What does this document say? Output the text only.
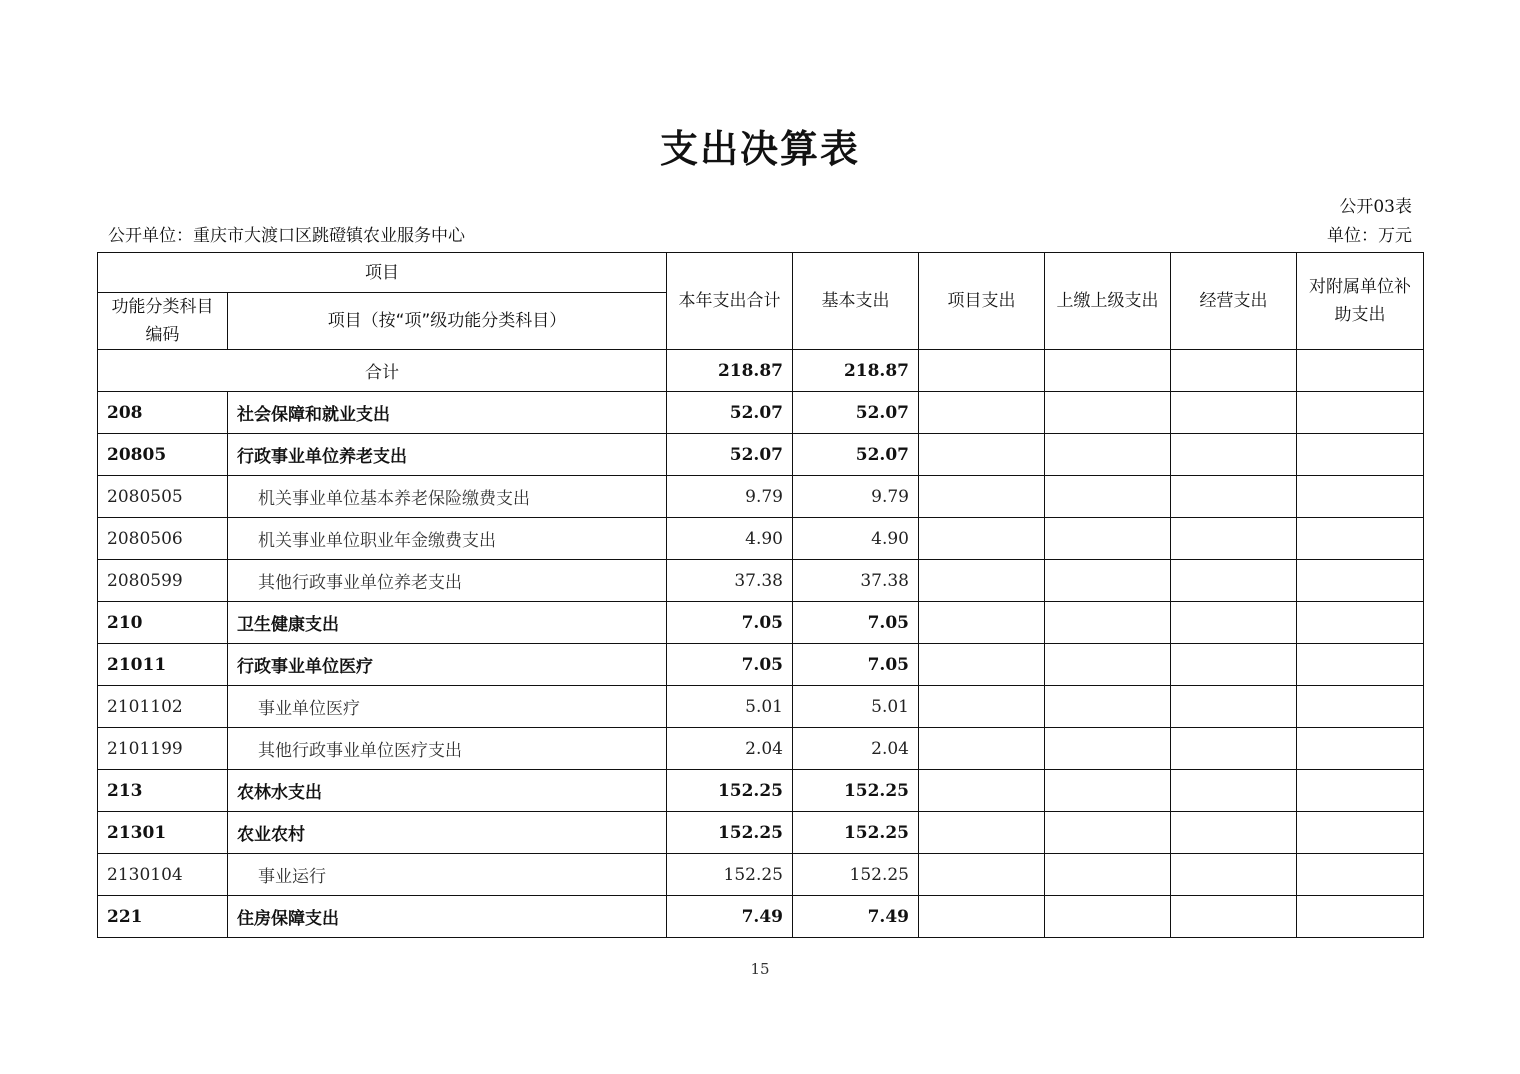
支出决算表
公开03表
公开单位：重庆市大渡口区跳磴镇农业服务中心	单位：万元
项目		本年支出合计	基本支出	项目支出	上缴上级支出	经营支出	对附属单位补助支出
功能分类科目编码	项目（按“项”级功能分类科目）						
合计		218.87	218.87				
208	社会保障和就业支出	52.07	52.07				
20805	行政事业单位养老支出	52.07	52.07				
2080505	机关事业单位基本养老保险缴费支出	9.79	9.79				
2080506	机关事业单位职业年金缴费支出	4.90	4.90				
2080599	其他行政事业单位养老支出	37.38	37.38				
210	卫生健康支出	7.05	7.05				
21011	行政事业单位医疗	7.05	7.05				
2101102	事业单位医疗	5.01	5.01				
2101199	其他行政事业单位医疗支出	2.04	2.04				
213	农林水支出	152.25	152.25				
21301	农业农村	152.25	152.25				
2130104	事业运行	152.25	152.25				
221	住房保障支出	7.49	7.49				
15
